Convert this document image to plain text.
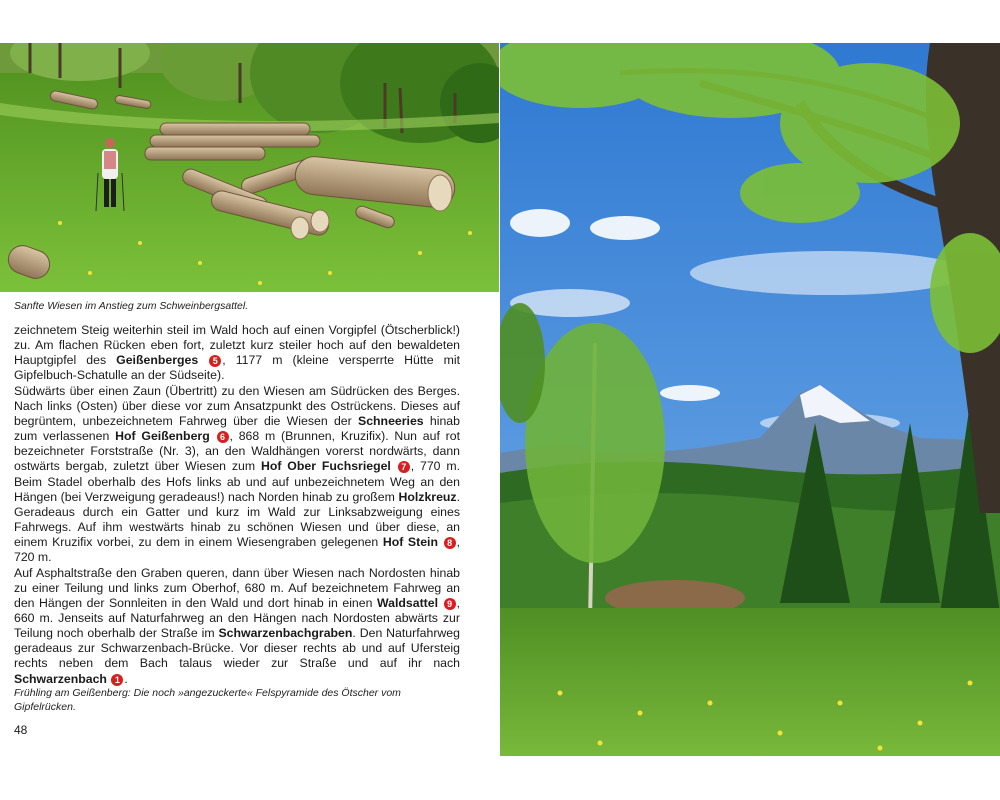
Sanfte Wiesen im Anstieg zum Schweinbergsattel.

zeichnetem Steig weiterhin steil im Wald hoch auf einen Vorgipfel (Ötscherblick!) zu. Am flachen Rücken eben fort, zuletzt kurz steiler hoch auf den bewaldeten Hauptgipfel des Geißenberges 5 , 1177 m (kleine versperrte Hütte mit Gipfelbuch-Schatulle an der Südseite).

Südwärts über einen Zaun (Übertritt) zu den Wiesen am Südrücken des Berges. Nach links (Osten) über diese vor zum Ansatzpunkt des Ostrückens. Dieses auf begrüntem, unbezeichnetem Fahrweg über die Wiesen der Schneeries hinab zum verlassenen Hof Geißenberg 6 , 868 m (Brunnen, Kruzifix). Nun auf rot bezeichneter Forststraße (Nr. 3), an den Waldhängen vorerst nordwärts, dann ostwärts bergab, zuletzt über Wiesen zum Hof Ober Fuchsriegel 7 , 770 m. Beim Stadel oberhalb des Hofs links ab und auf unbezeichnetem Weg an den Hängen (bei Verzweigung geradeaus!) nach Norden hinab zu großem Holzkreuz. Geradeaus durch ein Gatter und kurz im Wald zur Linksabzweigung eines Fahrwegs. Auf ihm westwärts hinab zu schönen Wiesen und über diese, an einem Kruzifix vorbei, zu dem in einem Wiesengraben gelegenen Hof Stein 8 , 720 m.

Auf Asphaltstraße den Graben queren, dann über Wiesen nach Nordosten hinab zu einer Teilung und links zum Oberhof, 680 m. Auf bezeichnetem Fahrweg an den Hängen der Sonnleiten in den Wald und dort hinab in einen Waldsattel 9 , 660 m. Jenseits auf Naturfahrweg an den Hängen nach Nordosten abwärts zur Teilung noch oberhalb der Straße im Schwarzenbachgraben. Den Naturfahrweg geradeaus zur Schwarzenbach-Brücke. Vor dieser rechts ab und auf Ufersteig rechts neben dem Bach talaus wieder zur Straße und auf ihr nach Schwarzenbach 1 .

Frühling am Geißenberg: Die noch »angezuckerte« Felspyramide des Ötscher vom Gipfelrücken.
48
